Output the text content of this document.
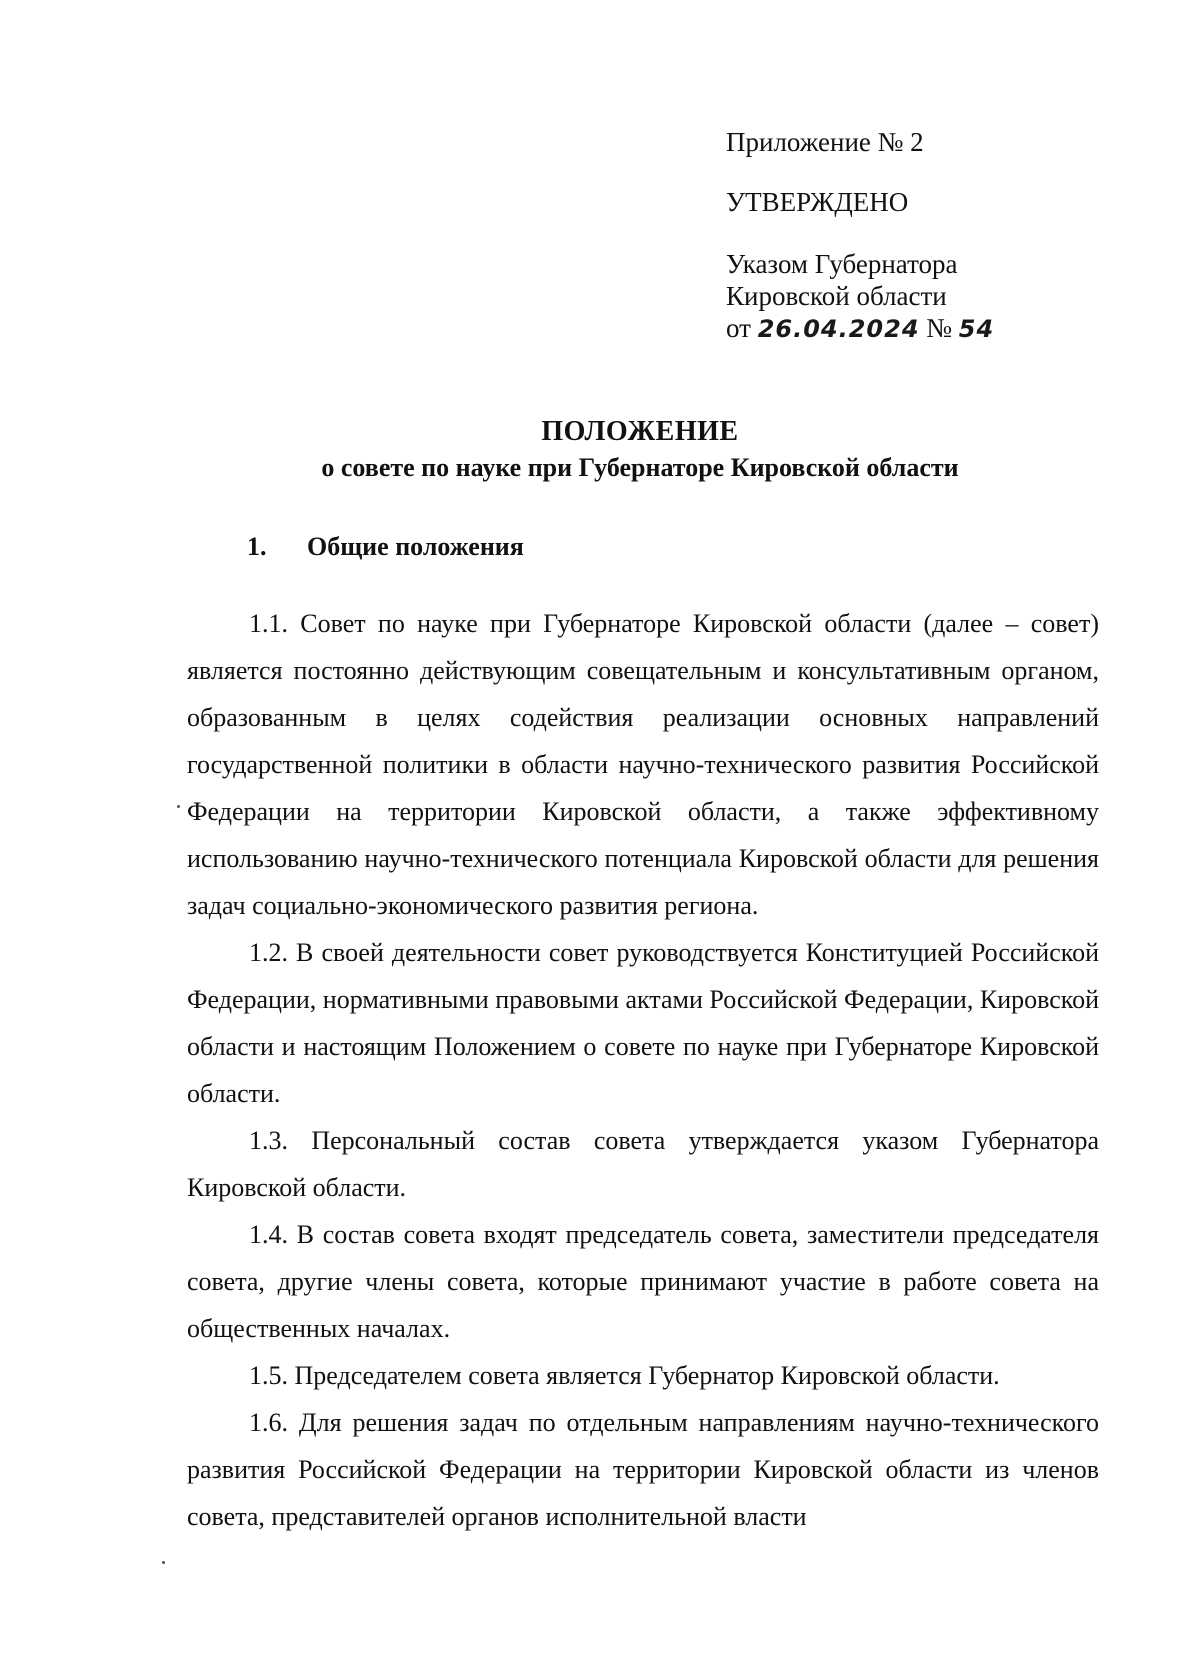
Приложение № 2
УТВЕРЖДЕНО
Указом Губернатора
Кировской области
от 26.04.2024 № 54
ПОЛОЖЕНИЕ
о совете по науке при Губернаторе Кировской области
1. Общие положения

1.1. Совет по науке при Губернаторе Кировской области (далее – совет) является постоянно действующим совещательным и консультативным органом, образованным в целях содействия реализации основных направлений государственной политики в области научно-технического развития Российской Федерации на территории Кировской области, а также эффективному использованию научно-технического потенциала Кировской области для решения задач социально-экономического развития региона.

1.2. В своей деятельности совет руководствуется Конституцией Российской Федерации, нормативными правовыми актами Российской Федерации, Кировской области и настоящим Положением о совете по науке при Губернаторе Кировской области.

1.3. Персональный состав совета утверждается указом Губернатора Кировской области.

1.4. В состав совета входят председатель совета, заместители председателя совета, другие члены совета, которые принимают участие в работе совета на общественных началах.

1.5. Председателем совета является Губернатор Кировской области.

1.6. Для решения задач по отдельным направлениям научно-технического развития Российской Федерации на территории Кировской области из членов совета, представителей органов исполнительной власти
